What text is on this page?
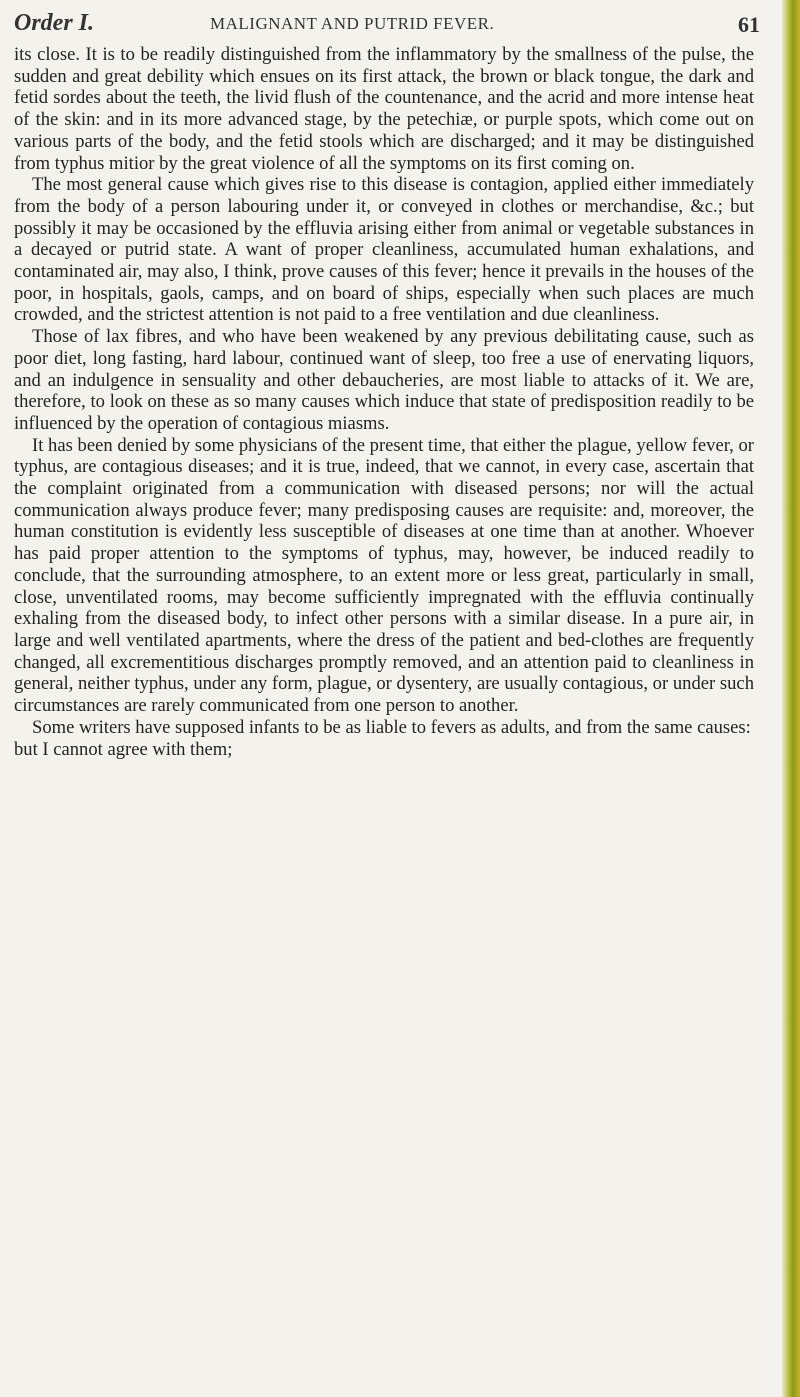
Order I.	MALIGNANT AND PUTRID FEVER.	61

its close. It is to be readily distinguished from the inflammatory by the smallness of the pulse, the sudden and great debility which ensues on its first attack, the brown or black tongue, the dark and fetid sordes about the teeth, the livid flush of the countenance, and the acrid and more intense heat of the skin: and in its more advanced stage, by the petechiæ, or purple spots, which come out on various parts of the body, and the fetid stools which are discharged; and it may be distinguished from typhus mitior by the great violence of all the symptoms on its first coming on.

The most general cause which gives rise to this disease is contagion, applied either immediately from the body of a person labouring under it, or conveyed in clothes or merchandise, &c.; but possibly it may be occasioned by the effluvia arising either from animal or vegetable substances in a decayed or putrid state. A want of proper cleanliness, accumulated human exhalations, and contaminated air, may also, I think, prove causes of this fever; hence it prevails in the houses of the poor, in hospitals, gaols, camps, and on board of ships, especially when such places are much crowded, and the strictest attention is not paid to a free ventilation and due cleanliness.

Those of lax fibres, and who have been weakened by any previous debilitating cause, such as poor diet, long fasting, hard labour, continued want of sleep, too free a use of enervating liquors, and an indulgence in sensuality and other debaucheries, are most liable to attacks of it. We are, therefore, to look on these as so many causes which induce that state of predisposition readily to be influenced by the operation of contagious miasms.

It has been denied by some physicians of the present time, that either the plague, yellow fever, or typhus, are contagious diseases; and it is true, indeed, that we cannot, in every case, ascertain that the complaint originated from a communication with diseased persons; nor will the actual communication always produce fever; many predisposing causes are requisite: and, moreover, the human constitution is evidently less susceptible of diseases at one time than at another. Whoever has paid proper attention to the symptoms of typhus, may, however, be induced readily to conclude, that the surrounding atmosphere, to an extent more or less great, particularly in small, close, unventilated rooms, may become sufficiently impregnated with the effluvia continually exhaling from the diseased body, to infect other persons with a similar disease. In a pure air, in large and well ventilated apartments, where the dress of the patient and bed-clothes are frequently changed, all excrementitious discharges promptly removed, and an attention paid to cleanliness in general, neither typhus, under any form, plague, or dysentery, are usually contagious, or under such circumstances are rarely communicated from one person to another.

Some writers have supposed infants to be as liable to fevers as adults, and from the same causes: but I cannot agree with them;
